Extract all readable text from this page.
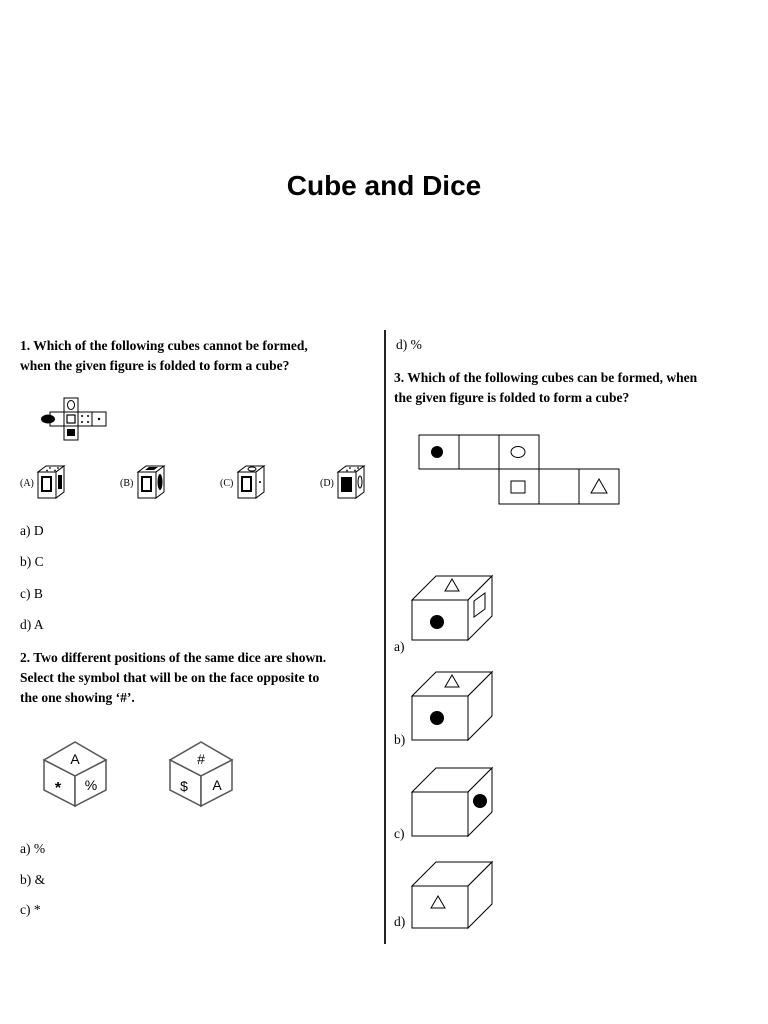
Cube and Dice
1. Which of the following cubes cannot be formed,
when the given figure is folded to form a cube?
(A)	(B)	(C)	(D)
a) D
b) C
c) B
d) A
2. Two different positions of the same dice are shown.
Select the symbol that will be on the face opposite to
the one showing ‘#’.
A
* %
#
$ A
a) %
b) &
c) *
d) %
3. Which of the following cubes can be formed, when
the given figure is folded to form a cube?
a)
b)
c)
d)
